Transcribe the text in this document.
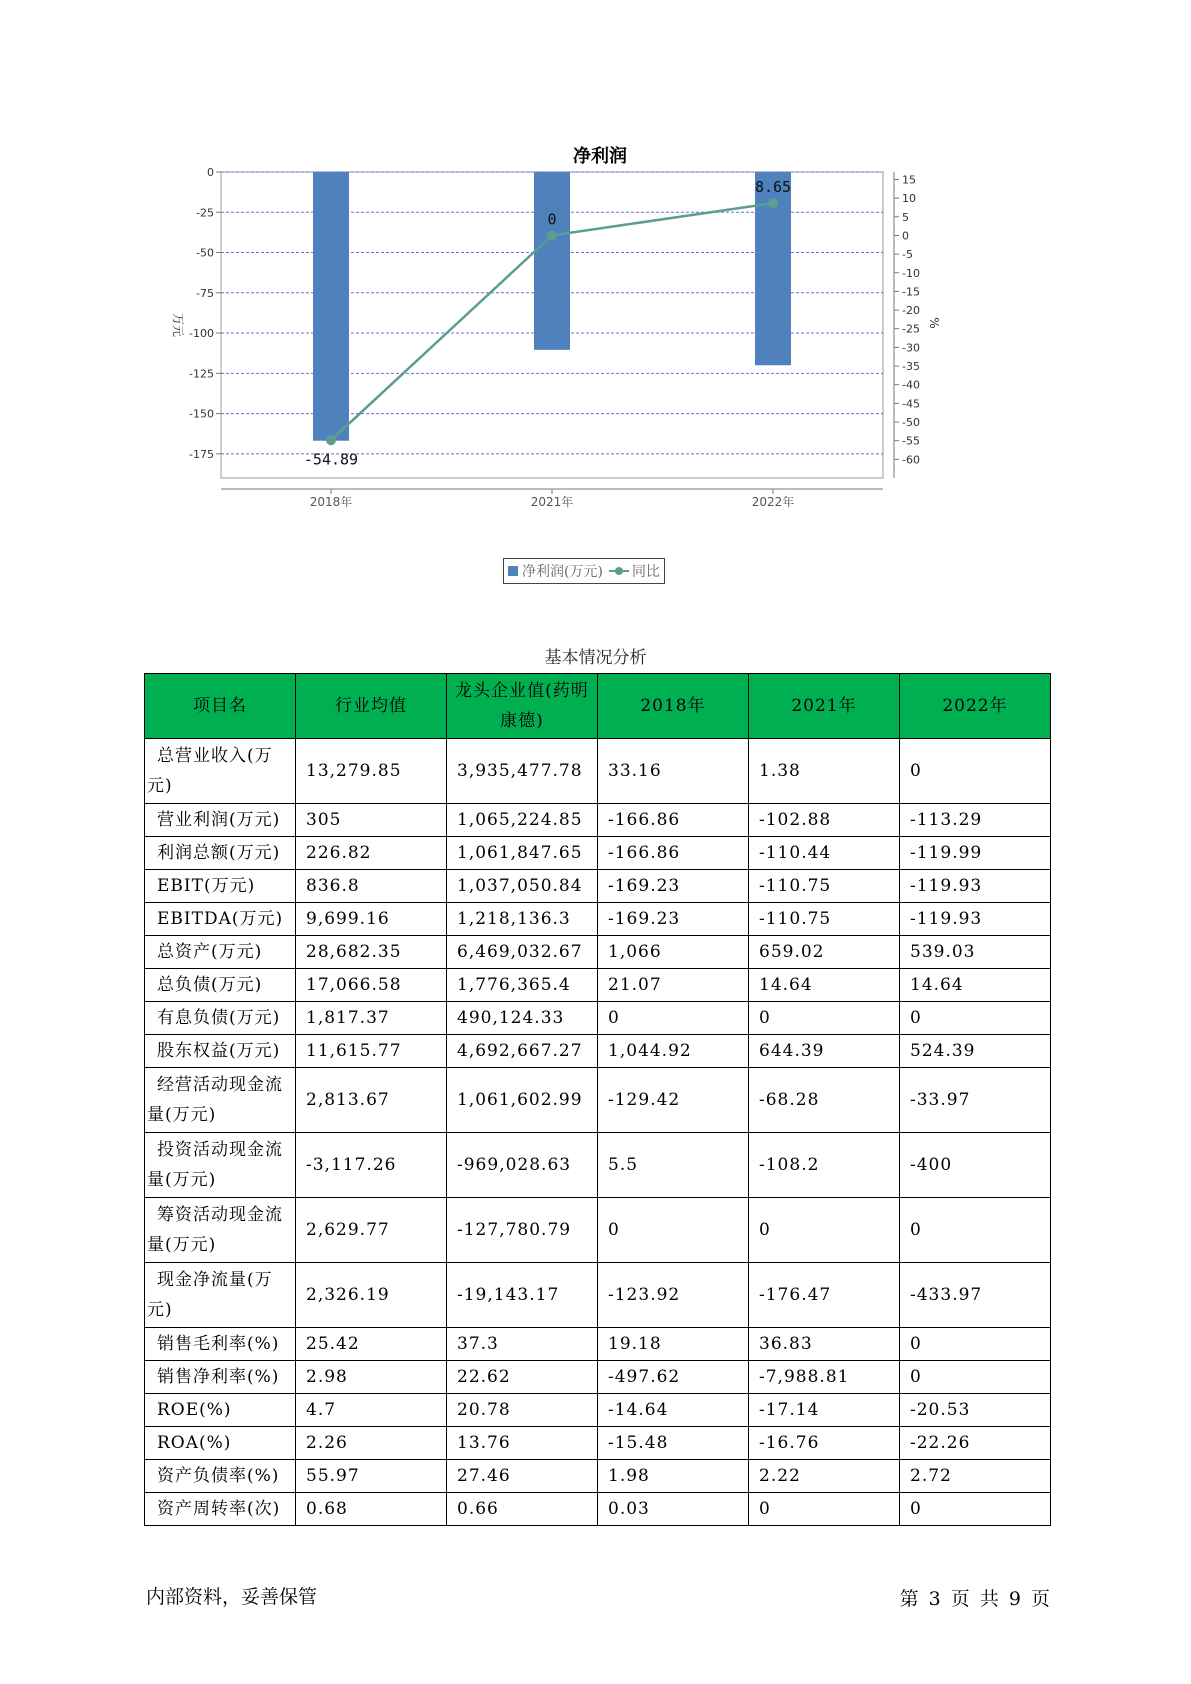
净利润
0
-25
-50
-75
-100
-125
-150
-175
15
10
5
0
-5
-10
-15
-20
-25
-30
-35
-40
-45
-50
-55
-60
-54.89
0
8.65
2018年	2021年	2022年
万元	%
净利润(万元) 同比
基本情况分析
项目名	行业均值	龙头企业值(药明康德)	2018年	2021年	2022年
总营业收入(万元)	13,279.85	3,935,477.78	33.16	1.38	0
营业利润(万元)	305	1,065,224.85	-166.86	-102.88	-113.29
利润总额(万元)	226.82	1,061,847.65	-166.86	-110.44	-119.99
EBIT(万元)	836.8	1,037,050.84	-169.23	-110.75	-119.93
EBITDA(万元)	9,699.16	1,218,136.3	-169.23	-110.75	-119.93
总资产(万元)	28,682.35	6,469,032.67	1,066	659.02	539.03
总负债(万元)	17,066.58	1,776,365.4	21.07	14.64	14.64
有息负债(万元)	1,817.37	490,124.33	0	0	0
股东权益(万元)	11,615.77	4,692,667.27	1,044.92	644.39	524.39
经营活动现金流量(万元)	2,813.67	1,061,602.99	-129.42	-68.28	-33.97
投资活动现金流量(万元)	-3,117.26	-969,028.63	5.5	-108.2	-400
筹资活动现金流量(万元)	2,629.77	-127,780.79	0	0	0
现金净流量(万元)	2,326.19	-19,143.17	-123.92	-176.47	-433.97
销售毛利率(%)	25.42	37.3	19.18	36.83	0
销售净利率(%)	2.98	22.62	-497.62	-7,988.81	0
ROE(%)	4.7	20.78	-14.64	-17.14	-20.53
ROA(%)	2.26	13.76	-15.48	-16.76	-22.26
资产负债率(%)	55.97	27.46	1.98	2.22	2.72
资产周转率(次)	0.68	0.66	0.03	0	0
内部资料，妥善保管	第 3 页 共 9 页
